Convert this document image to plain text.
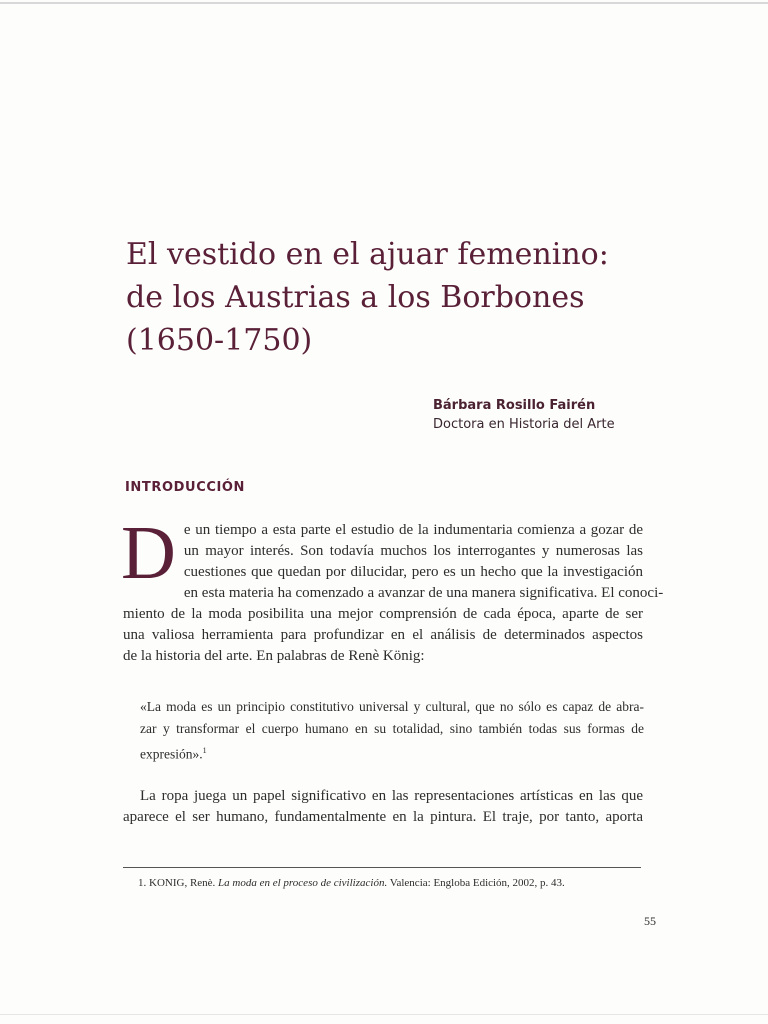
El vestido en el ajuar femenino:
de los Austrias a los Borbones
(1650-1750)
Bárbara Rosillo Fairén
Doctora en Historia del Arte
INTRODUCCIÓN

D e un tiempo a esta parte el estudio de la indumentaria comienza a gozar de
un mayor interés. Son todavía muchos los interrogantes y numerosas las
cuestiones que quedan por dilucidar, pero es un hecho que la investigación
en esta materia ha comenzado a avanzar de una manera significativa. El conoci-
miento de la moda posibilita una mejor comprensión de cada época, aparte de ser
una valiosa herramienta para profundizar en el análisis de determinados aspectos
de la historia del arte. En palabras de Renè König:

«La moda es un principio constitutivo universal y cultural, que no sólo es capaz de abra-
zar y transformar el cuerpo humano en su totalidad, sino también todas sus formas de
expresión».$^1$
La ropa juega un papel significativo en las representaciones artísticas en las que
aparece el ser humano, fundamentalmente en la pintura. El traje, por tanto, aporta
1. KONIG, Renè. La moda en el proceso de civilización. Valencia: Engloba Edición, 2002, p. 43.
55
